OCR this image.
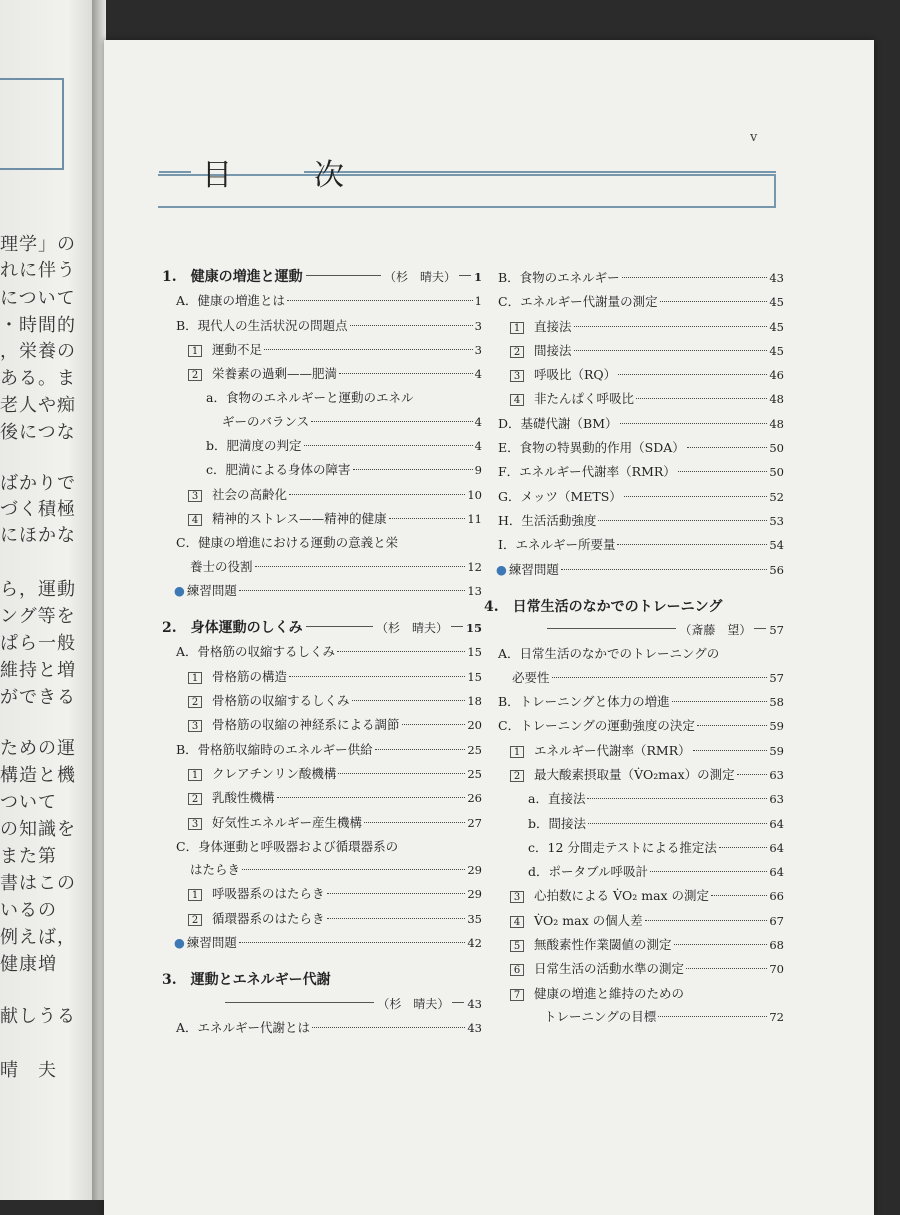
理学」の
れに伴う
について
・時間的
，栄養の
ある。ま
老人や痴
後につな
ばかりで
づく積極
にほかな
ら，運動
ング等を
ぱら一般
維持と増
ができる
ための運
構造と機
ついて
の知識を
また第
書はこの
いるの
例えば，
健康増
献しうる
晴　夫
v
目　次
1.　健康の増進と運動	（杉　晴夫） 1
A．健康の増進とは	1
B．現代人の生活状況の問題点	3
1	運動不足	3
2	栄養素の過剰——肥満	4
a．食物のエネルギーと運動のエネル
ギーのバランス	4
b．肥満度の判定	4
c．肥満による身体の障害	9
3	社会の高齢化	10
4	精神的ストレス——精神的健康	11
C．健康の増進における運動の意義と栄
養士の役割	12
● 練習問題	13
2.　身体運動のしくみ	（杉　晴夫） 15
A．骨格筋の収縮するしくみ	15
1	骨格筋の構造	15
2	骨格筋の収縮するしくみ	18
3	骨格筋の収縮の神経系による調節	20
B．骨格筋収縮時のエネルギー供給	25
1	クレアチンリン酸機構	25
2	乳酸性機構	26
3	好気性エネルギー産生機構	27
C．身体運動と呼吸器および循環器系の
はたらき	29
1	呼吸器系のはたらき	29
2	循環器系のはたらき	35
● 練習問題	42
3.　運動とエネルギー代謝
（杉　晴夫） 43
A．エネルギー代謝とは	43
B．食物のエネルギー	43
C．エネルギー代謝量の測定	45
1	直接法	45
2	間接法	45
3	呼吸比（RQ）	46
4	非たんぱく呼吸比	48
D．基礎代謝（BM）	48
E．食物の特異動的作用（SDA）	50
F．エネルギー代謝率（RMR）	50
G．メッツ（METS）	52
H．生活活動強度	53
I．エネルギー所要量	54
● 練習問題	56
4.　日常生活のなかでのトレーニング
（斎藤　望） 57
A．日常生活のなかでのトレーニングの
必要性	57
B．トレーニングと体力の増進	58
C．トレーニングの運動強度の決定	59
1	エネルギー代謝率（RMR）	59
2	最大酸素摂取量（V̇O₂max）の測定	63
a．直接法	63
b．間接法	64
c．12 分間走テストによる推定法	64
d．ポータブル呼吸計	64
3	心拍数による V̇O₂ max の測定	66
4	V̇O₂ max の個人差	67
5	無酸素性作業閾値の測定	68
6	日常生活の活動水準の測定	70
7	健康の増進と維持のための
トレーニングの目標	72
